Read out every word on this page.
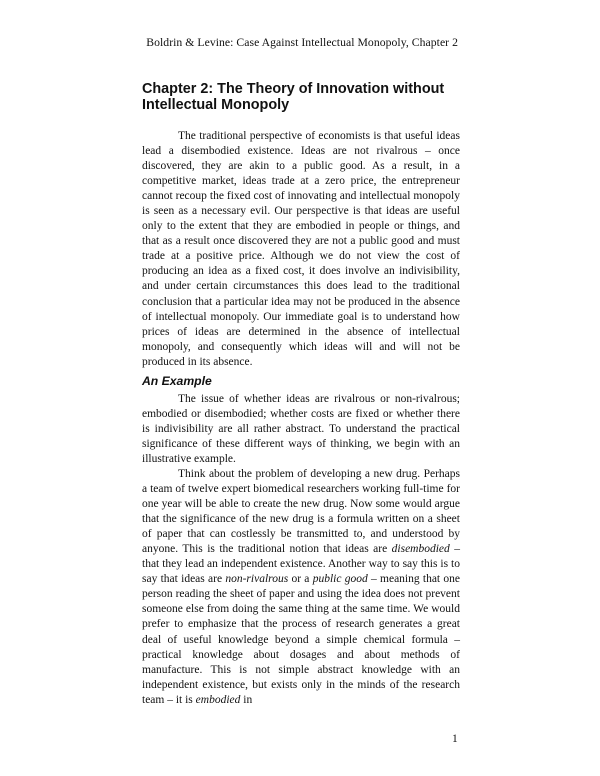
Boldrin & Levine: Case Against Intellectual Monopoly, Chapter 2
Chapter 2: The Theory of Innovation without Intellectual Monopoly

The traditional perspective of economists is that useful ideas lead a disembodied existence. Ideas are not rivalrous – once discovered, they are akin to a public good. As a result, in a competitive market, ideas trade at a zero price, the entrepreneur cannot recoup the fixed cost of innovating and intellectual monopoly is seen as a necessary evil. Our perspective is that ideas are useful only to the extent that they are embodied in people or things, and that as a result once discovered they are not a public good and must trade at a positive price. Although we do not view the cost of producing an idea as a fixed cost, it does involve an indivisibility, and under certain circumstances this does lead to the traditional conclusion that a particular idea may not be produced in the absence of intellectual monopoly. Our immediate goal is to understand how prices of ideas are determined in the absence of intellectual monopoly, and consequently which ideas will and will not be produced in its absence.

An Example

The issue of whether ideas are rivalrous or non-rivalrous; embodied or disembodied; whether costs are fixed or whether there is indivisibility are all rather abstract. To understand the practical significance of these different ways of thinking, we begin with an illustrative example.

Think about the problem of developing a new drug. Perhaps a team of twelve expert biomedical researchers working full-time for one year will be able to create the new drug. Now some would argue that the significance of the new drug is a formula written on a sheet of paper that can costlessly be transmitted to, and understood by anyone. This is the traditional notion that ideas are disembodied – that they lead an independent existence. Another way to say this is to say that ideas are non-rivalrous or a public good – meaning that one person reading the sheet of paper and using the idea does not prevent someone else from doing the same thing at the same time. We would prefer to emphasize that the process of research generates a great deal of useful knowledge beyond a simple chemical formula – practical knowledge about dosages and about methods of manufacture. This is not simple abstract knowledge with an independent existence, but exists only in the minds of the research team – it is embodied in

1
